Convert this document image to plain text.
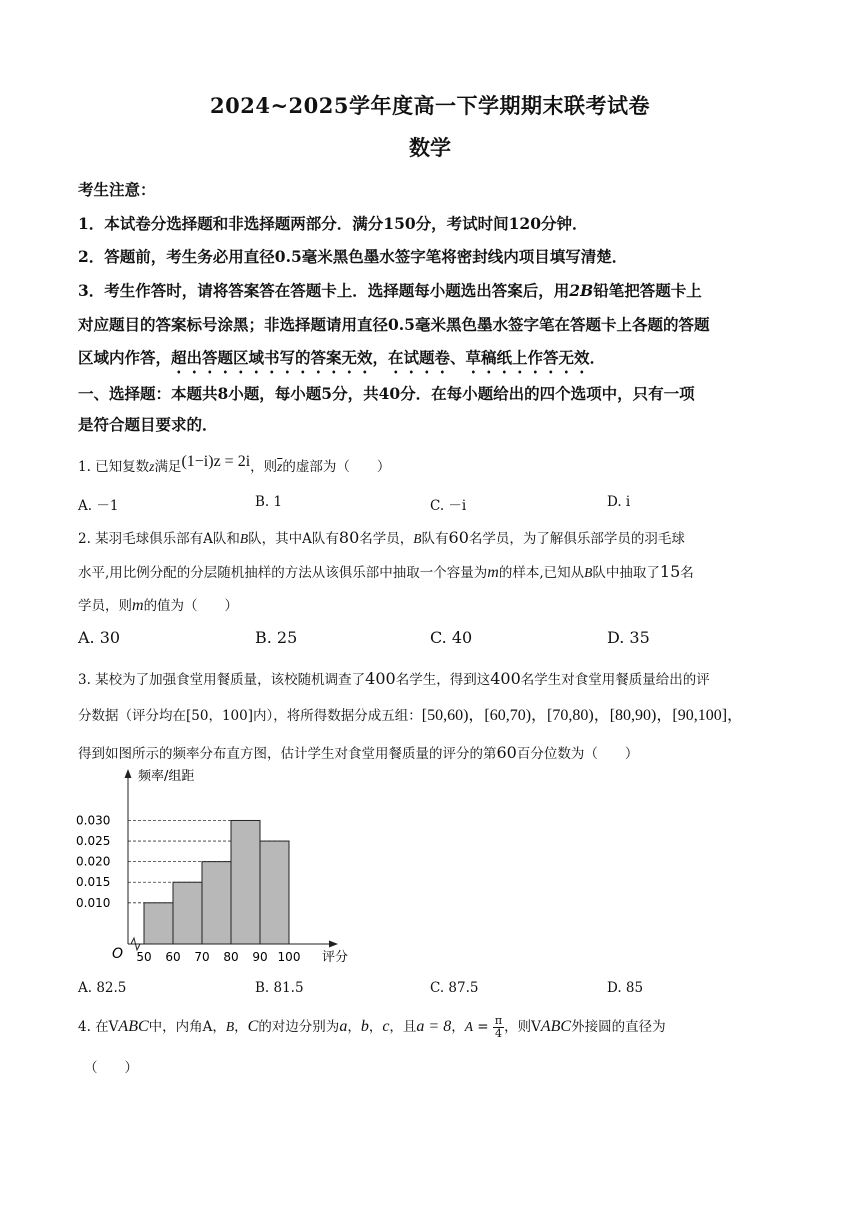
2024~2025学年度高一下学期期末联考试卷
数学
考生注意：
1．本试卷分选择题和非选择题两部分．满分150分，考试时间120分钟．
2．答题前，考生务必用直径0.5毫米黑色墨水签字笔将密封线内项目填写清楚．
3．考生作答时，请将答案答在答题卡上．选择题每小题选出答案后，用2B铅笔把答题卡上
对应题目的答案标号涂黑；非选择题请用直径0.5毫米黑色墨水签字笔在答题卡上各题的答题
区域内作答，超出答题区域书写的答案无效，在试题卷、草稿纸上作答无效．
一、选择题：本题共8小题，每小题5分，共40分．在每小题给出的四个选项中，只有一项
是符合题目要求的．
1. 已知复数z满足(1−i)z = 2i，则$\overline{z}$的虚部为（　　）
A. －1	B. 1	C. －i	D. i
2. 某羽毛球俱乐部有A队和B队，其中A队有80名学员，B队有60名学员，为了解俱乐部学员的羽毛球
水平,用比例分配的分层随机抽样的方法从该俱乐部中抽取一个容量为m的样本,已知从B队中抽取了15名
学员，则m的值为（　　）
A. 30	B. 25	C. 40	D. 35
3. 某校为了加强食堂用餐质量，该校随机调查了400名学生，得到这400名学生对食堂用餐质量给出的评
分数据（评分均在[50，100]内），将所得数据分成五组：[50,60)，[60,70)，[70,80)，[80,90)，[90,100]，
得到如图所示的频率分布直方图，估计学生对食堂用餐质量的评分的第60百分位数为（　　）
0.010
0.015
0.020
0.025
0.030
50 60 70 80 90 100
频率/组距
评分
O
A. 82.5	B. 81.5	C. 87.5	D. 85
4. 在VABC中，内角A，B，C的对边分别为a，b，c，且a = 8，$A = \frac{\pi}{4}$ ，则VABC外接圆的直径为
（　　）
